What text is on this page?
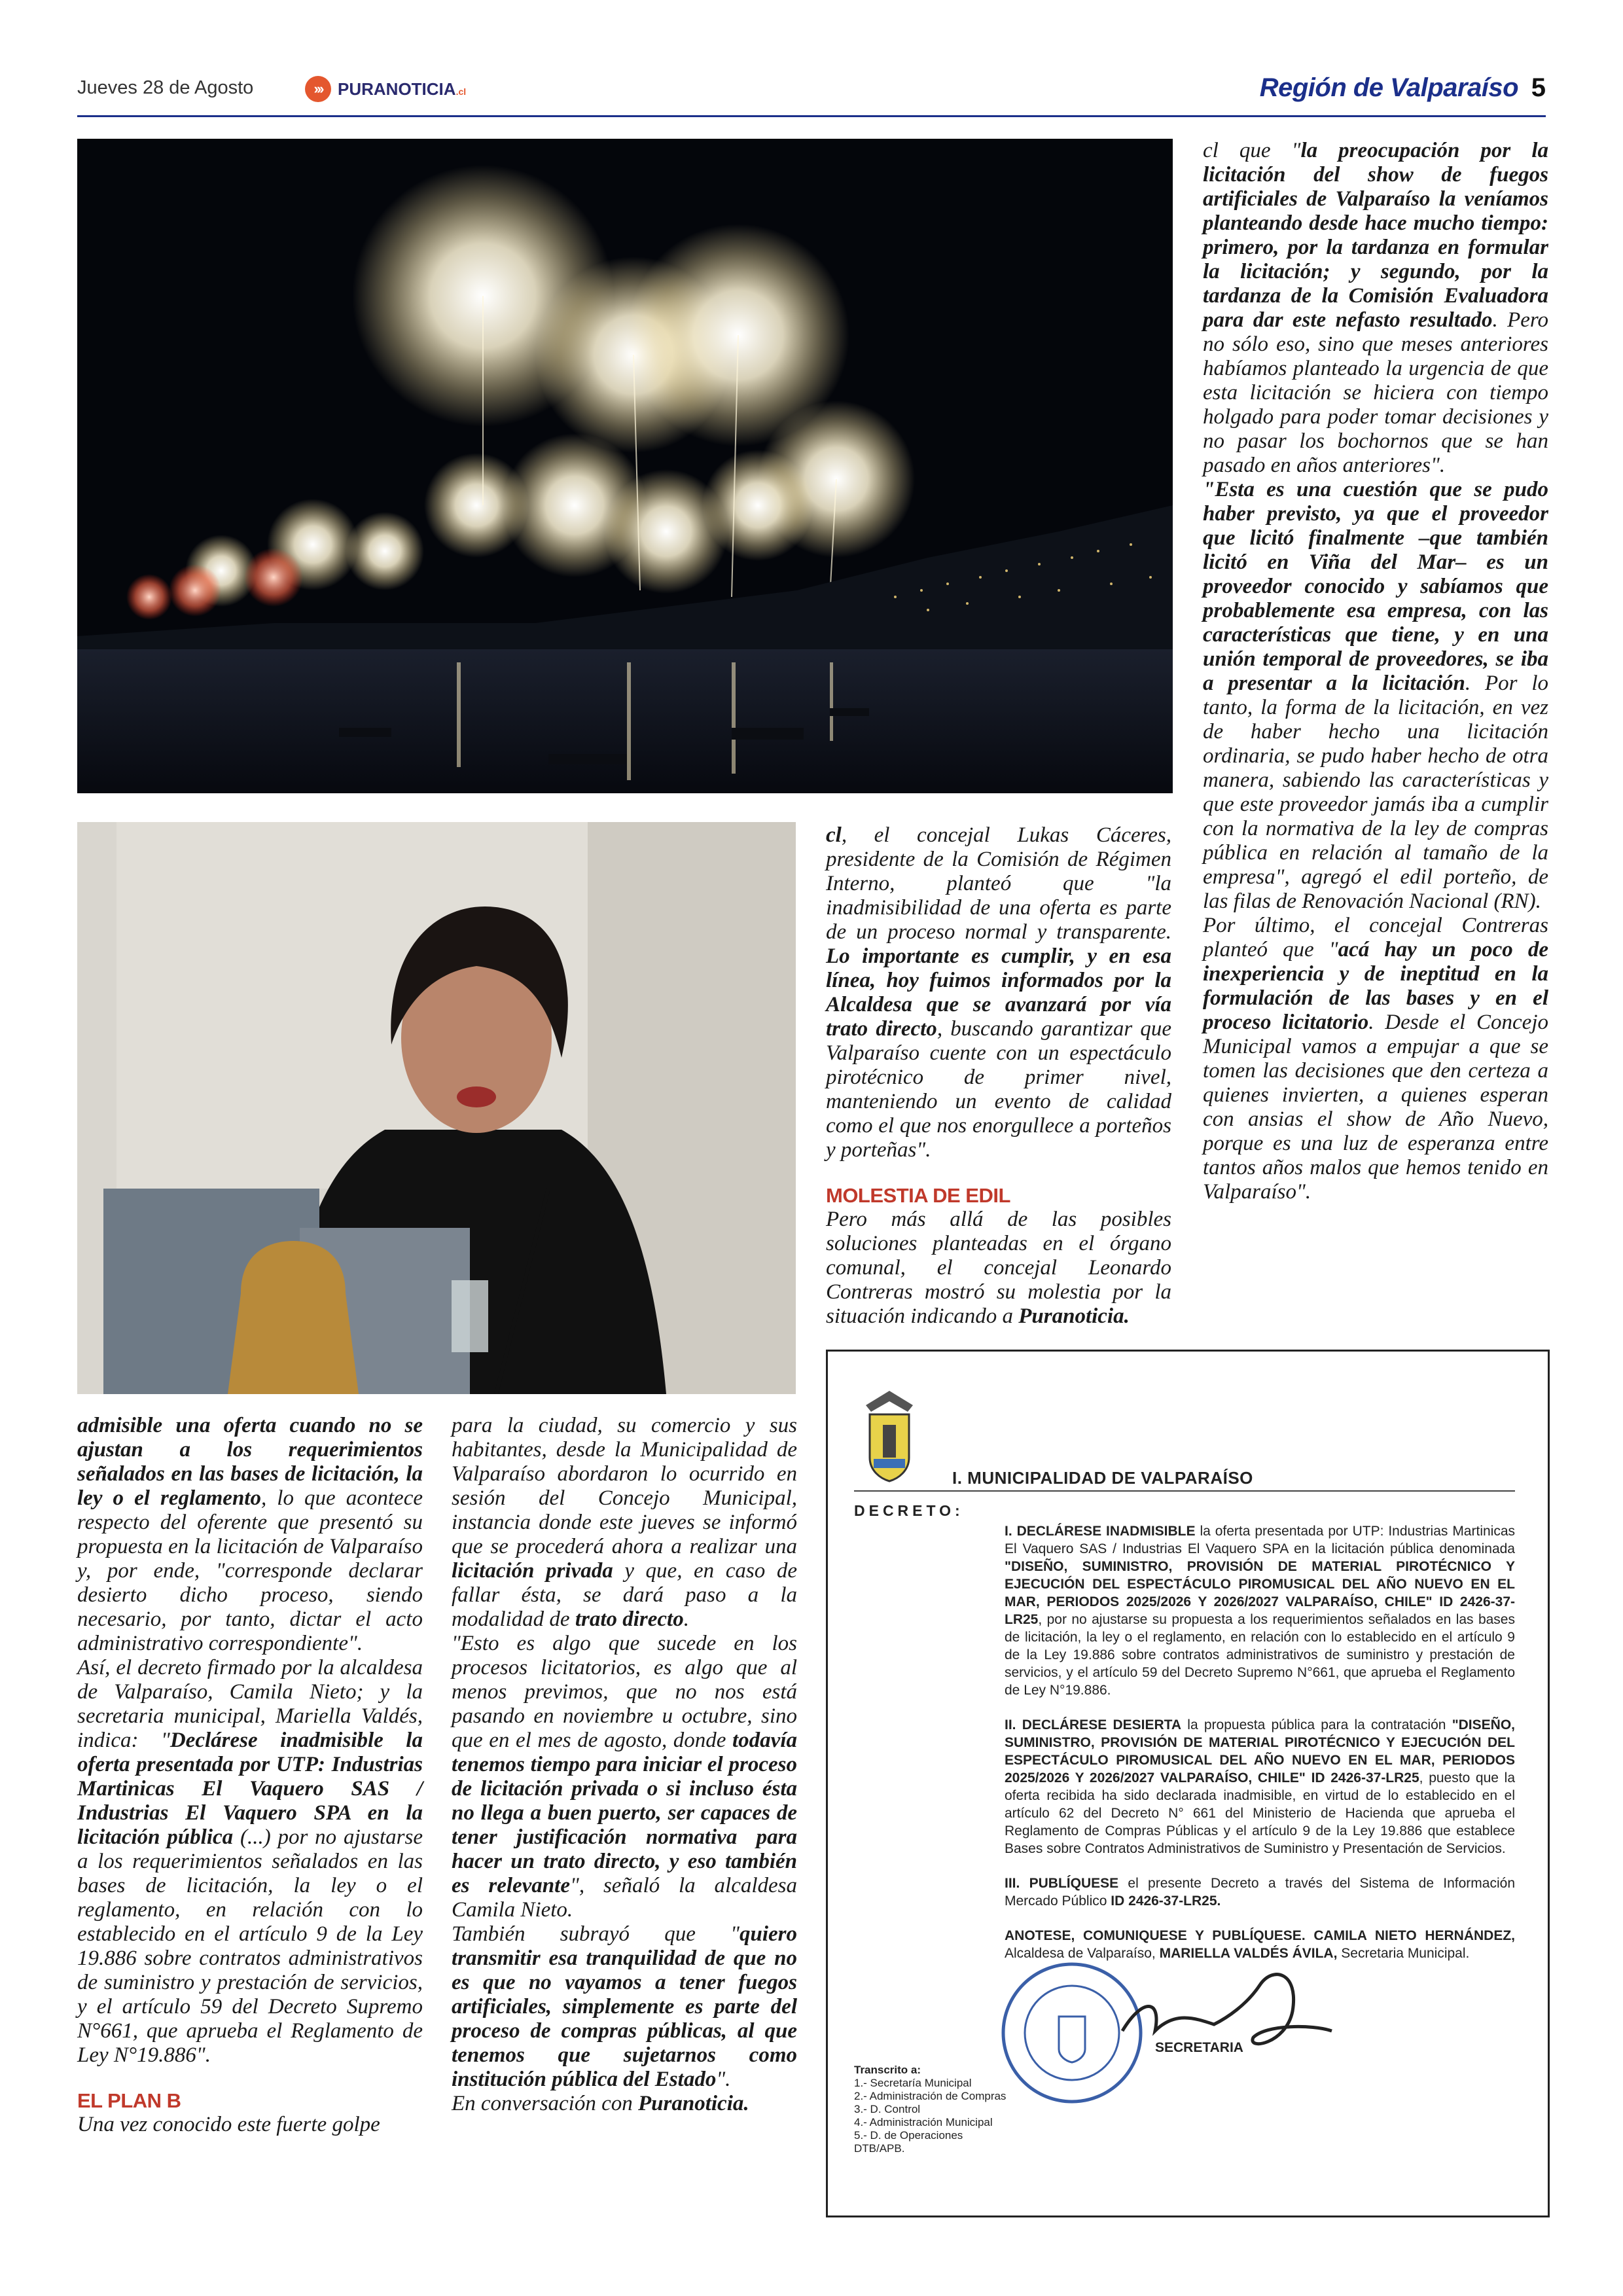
Jueves 28 de Agosto	››› PURANOTICIA.cl	Región de Valparaíso 5

cl que "la preocupación por la licitación del show de fuegos artificiales de Valparaíso la veníamos planteando desde hace mucho tiempo: primero, por la tardanza en formular la licitación; y segundo, por la tardanza de la Comisión Evaluadora para dar este nefasto resultado. Pero no sólo eso, sino que meses anteriores habíamos planteado la urgencia de que esta licitación se hiciera con tiempo holgado para poder tomar decisiones y no pasar los bochornos que se han pasado en años anteriores".

"Esta es una cuestión que se pudo haber previsto, ya que el proveedor que licitó finalmente –que también licitó en Viña del Mar– es un proveedor conocido y sabíamos que probablemente esa empresa, con las características que tiene, y en una unión temporal de proveedores, se iba a presentar a la licitación. Por lo tanto, la forma de la licitación, en vez de haber hecho una licitación ordinaria, se pudo haber hecho de otra manera, sabiendo las características y que este proveedor jamás iba a cumplir con la normativa de la ley de compras pública en relación al tamaño de la empresa", agregó el edil porteño, de las filas de Renovación Nacional (RN).

Por último, el concejal Contreras planteó que "acá hay un poco de inexperiencia y de ineptitud en la formulación de las bases y en el proceso licitatorio. Desde el Concejo Municipal vamos a empujar a que se tomen las decisiones que den certeza a quienes invierten, a quienes esperan con ansias el show de Año Nuevo, porque es una luz de esperanza entre tantos años malos que hemos tenido en Valparaíso".

cl, el concejal Lukas Cáceres, presidente de la Comisión de Régimen Interno, planteó que "la inadmisibilidad de una oferta es parte de un proceso normal y transparente. Lo importante es cumplir, y en esa línea, hoy fuimos informados por la Alcaldesa que se avanzará por vía trato directo, buscando garantizar que Valparaíso cuente con un espectáculo pirotécnico de primer nivel, manteniendo un evento de calidad como el que nos enorgullece a porteños y porteñas".

MOLESTIA DE EDIL

Pero más allá de las posibles soluciones planteadas en el órgano comunal, el concejal Leonardo Contreras mostró su molestia por la situación indicando a Puranoticia.

admisible una oferta cuando no se ajustan a los requerimientos señalados en las bases de licitación, la ley o el reglamento, lo que acontece respecto del oferente que presentó su propuesta en la licitación de Valparaíso y, por ende, "corresponde declarar desierto dicho proceso, siendo necesario, por tanto, dictar el acto administrativo correspondiente".

Así, el decreto firmado por la alcaldesa de Valparaíso, Camila Nieto; y la secretaria municipal, Mariella Valdés, indica: "Declárese inadmisible la oferta presentada por UTP: Industrias Martinicas El Vaquero SAS / Industrias El Vaquero SPA en la licitación pública (...) por no ajustarse a los requerimientos señalados en las bases de licitación, la ley o el reglamento, en relación con lo establecido en el artículo 9 de la Ley 19.886 sobre contratos administrativos de suministro y prestación de servicios, y el artículo 59 del Decreto Supremo N°661, que aprueba el Reglamento de Ley N°19.886".

EL PLAN B

Una vez conocido este fuerte golpe

para la ciudad, su comercio y sus habitantes, desde la Municipalidad de Valparaíso abordaron lo ocurrido en sesión del Concejo Municipal, instancia donde este jueves se informó que se procederá ahora a realizar una licitación privada y que, en caso de fallar ésta, se dará paso a la modalidad de trato directo.

"Esto es algo que sucede en los procesos licitatorios, es algo que al menos previmos, que no nos está pasando en noviembre u octubre, sino que en el mes de agosto, donde todavía tenemos tiempo para iniciar el proceso de licitación privada o si incluso ésta no llega a buen puerto, ser capaces de tener justificación normativa para hacer un trato directo, y eso también es relevante", señaló la alcaldesa Camila Nieto.

También subrayó que "quiero transmitir esa tranquilidad de que no es que no vayamos a tener fuegos artificiales, simplemente es parte del proceso de compras públicas, al que tenemos que sujetarnos como institución pública del Estado".

En conversación con Puranoticia.

I. MUNICIPALIDAD DE VALPARAÍSO

DECRETO:

I. DECLÁRESE INADMISIBLE la oferta presentada por UTP: Industrias Martinicas El Vaquero SAS / Industrias El Vaquero SPA en la licitación pública denominada "DISEÑO, SUMINISTRO, PROVISIÓN DE MATERIAL PIROTÉCNICO Y EJECUCIÓN DEL ESPECTÁCULO PIROMUSICAL DEL AÑO NUEVO EN EL MAR, PERIODOS 2025/2026 Y 2026/2027 VALPARAÍSO, CHILE" ID 2426-37-LR25, por no ajustarse su propuesta a los requerimientos señalados en las bases de licitación, la ley o el reglamento, en relación con lo establecido en el artículo 9 de la Ley 19.886 sobre contratos administrativos de suministro y prestación de servicios, y el artículo 59 del Decreto Supremo N°661, que aprueba el Reglamento de Ley N°19.886.

II. DECLÁRESE DESIERTA la propuesta pública para la contratación "DISEÑO, SUMINISTRO, PROVISIÓN DE MATERIAL PIROTÉCNICO Y EJECUCIÓN DEL ESPECTÁCULO PIROMUSICAL DEL AÑO NUEVO EN EL MAR, PERIODOS 2025/2026 Y 2026/2027 VALPARAÍSO, CHILE" ID 2426-37-LR25, puesto que la oferta recibida ha sido declarada inadmisible, en virtud de lo establecido en el artículo 62 del Decreto N° 661 del Ministerio de Hacienda que aprueba el Reglamento de Compras Públicas y el artículo 9 de la Ley 19.886 que establece Bases sobre Contratos Administrativos de Suministro y Presentación de Servicios.

III. PUBLÍQUESE el presente Decreto a través del Sistema de Información Mercado Público ID 2426-37-LR25.

ANOTESE, COMUNIQUESE Y PUBLÍQUESE. CAMILA NIETO HERNÁNDEZ, Alcaldesa de Valparaíso, MARIELLA VALDÉS ÁVILA, Secretaria Municipal.

SECRETARIA
Transcrito a:
1.- Secretaría Municipal
2.- Administración de Compras
3.- D. Control
4.- Administración Municipal
5.- D. de Operaciones
DTB/APB.
